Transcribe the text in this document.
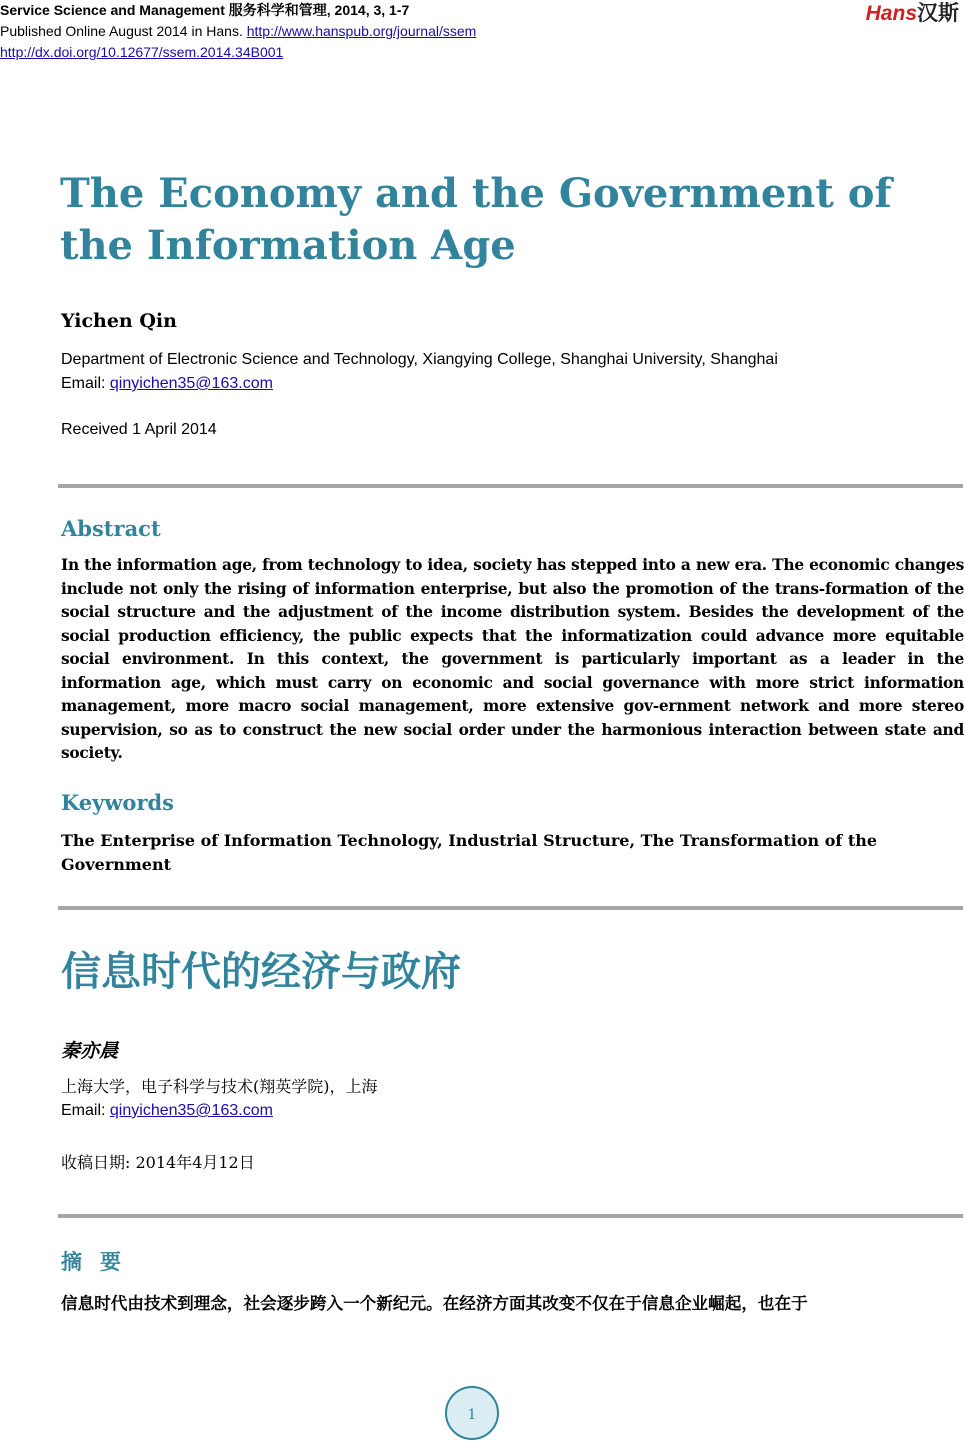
Service Science and Management 服务科学和管理, 2014, 3, 1-7
Published Online August 2014 in Hans. http://www.hanspub.org/journal/ssem
http://dx.doi.org/10.12677/ssem.2014.34B001
Hans汉斯
The Economy and the Government of the Information Age
Yichen Qin
Department of Electronic Science and Technology, Xiangying College, Shanghai University, Shanghai
Email: qinyichen35@163.com
Received 1 April 2014
Abstract
In the information age, from technology to idea, society has stepped into a new era. The economic changes include not only the rising of information enterprise, but also the promotion of the trans-formation of the social structure and the adjustment of the income distribution system. Besides the development of the social production efficiency, the public expects that the informatization could advance more equitable social environment. In this context, the government is particularly important as a leader in the information age, which must carry on economic and social governance with more strict information management, more macro social management, more extensive gov-ernment network and more stereo supervision, so as to construct the new social order under the harmonious interaction between state and society.
Keywords
The Enterprise of Information Technology, Industrial Structure, The Transformation of the Government
信息时代的经济与政府
秦亦晨
上海大学，电子科学与技术(翔英学院)，上海
Email: qinyichen35@163.com
收稿日期: 2014年4月12日
摘要
信息时代由技术到理念，社会逐步跨入一个新纪元。在经济方面其改变不仅在于信息企业崛起，也在于
1
